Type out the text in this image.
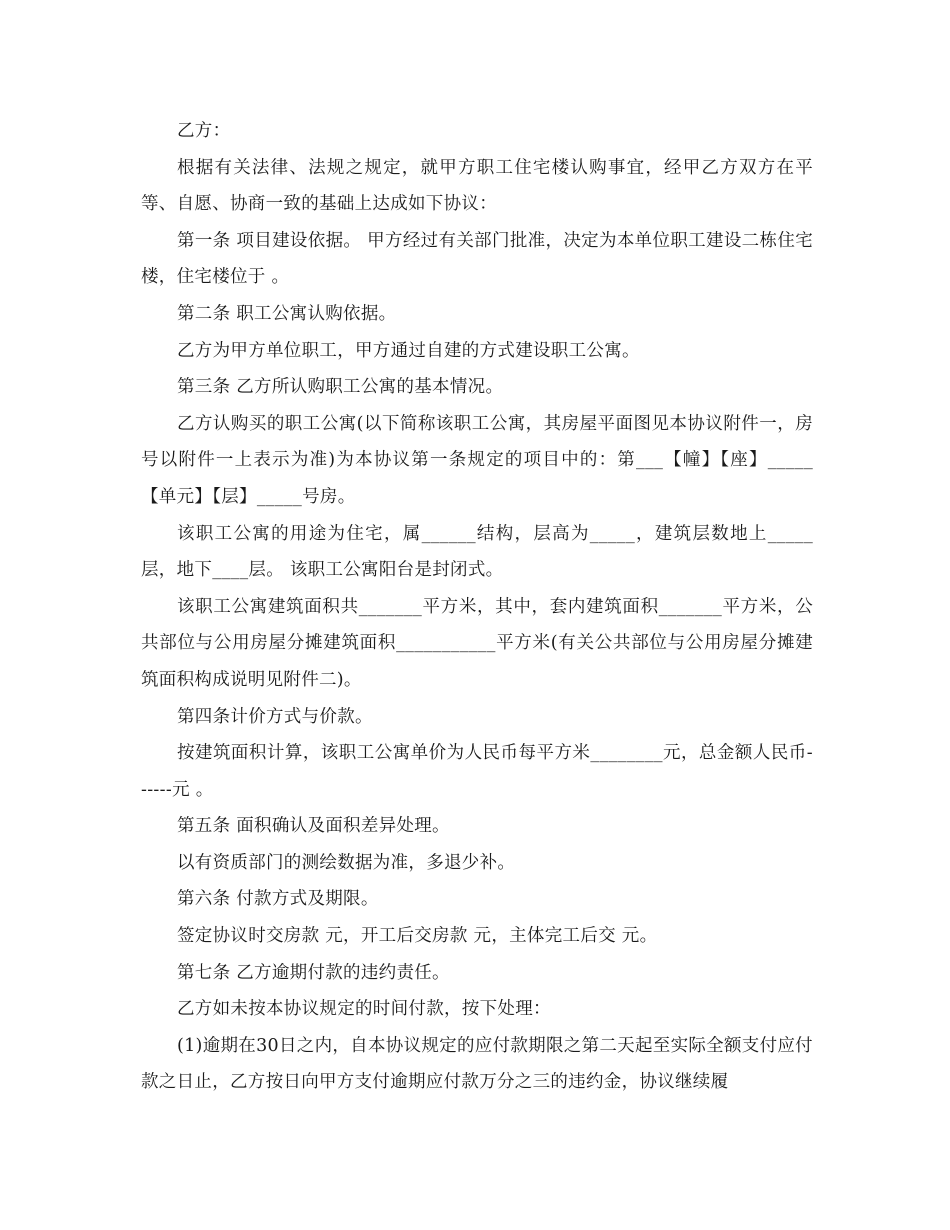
乙方：

根据有关法律、法规之规定，就甲方职工住宅楼认购事宜，经甲乙方双方在平等、自愿、协商一致的基础上达成如下协议：

第一条 项目建设依据。 甲方经过有关部门批准，决定为本单位职工建设二栋住宅楼，住宅楼位于 。

第二条 职工公寓认购依据。

乙方为甲方单位职工，甲方通过自建的方式建设职工公寓。

第三条 乙方所认购职工公寓的基本情况。

乙方认购买的职工公寓(以下简称该职工公寓，其房屋平面图见本协议附件一，房号以附件一上表示为准)为本协议第一条规定的项目中的：第___【幢】【座】_____【单元】【层】_____号房。

该职工公寓的用途为住宅，属______结构，层高为_____，建筑层数地上_____层，地下____层。 该职工公寓阳台是封闭式。

该职工公寓建筑面积共_______平方米，其中，套内建筑面积_______平方米，公共部位与公用房屋分摊建筑面积___________平方米(有关公共部位与公用房屋分摊建筑面积构成说明见附件二)。

第四条计价方式与价款。

按建筑面积计算，该职工公寓单价为人民币每平方米________元，总金额人民币------元 。

第五条 面积确认及面积差异处理。

以有资质部门的测绘数据为准，多退少补。

第六条 付款方式及期限。

签定协议时交房款 元，开工后交房款 元，主体完工后交 元。

第七条 乙方逾期付款的违约责任。

乙方如未按本协议规定的时间付款，按下处理：

(1)逾期在30日之内，自本协议规定的应付款期限之第二天起至实际全额支付应付款之日止，乙方按日向甲方支付逾期应付款万分之三的违约金，协议继续履
